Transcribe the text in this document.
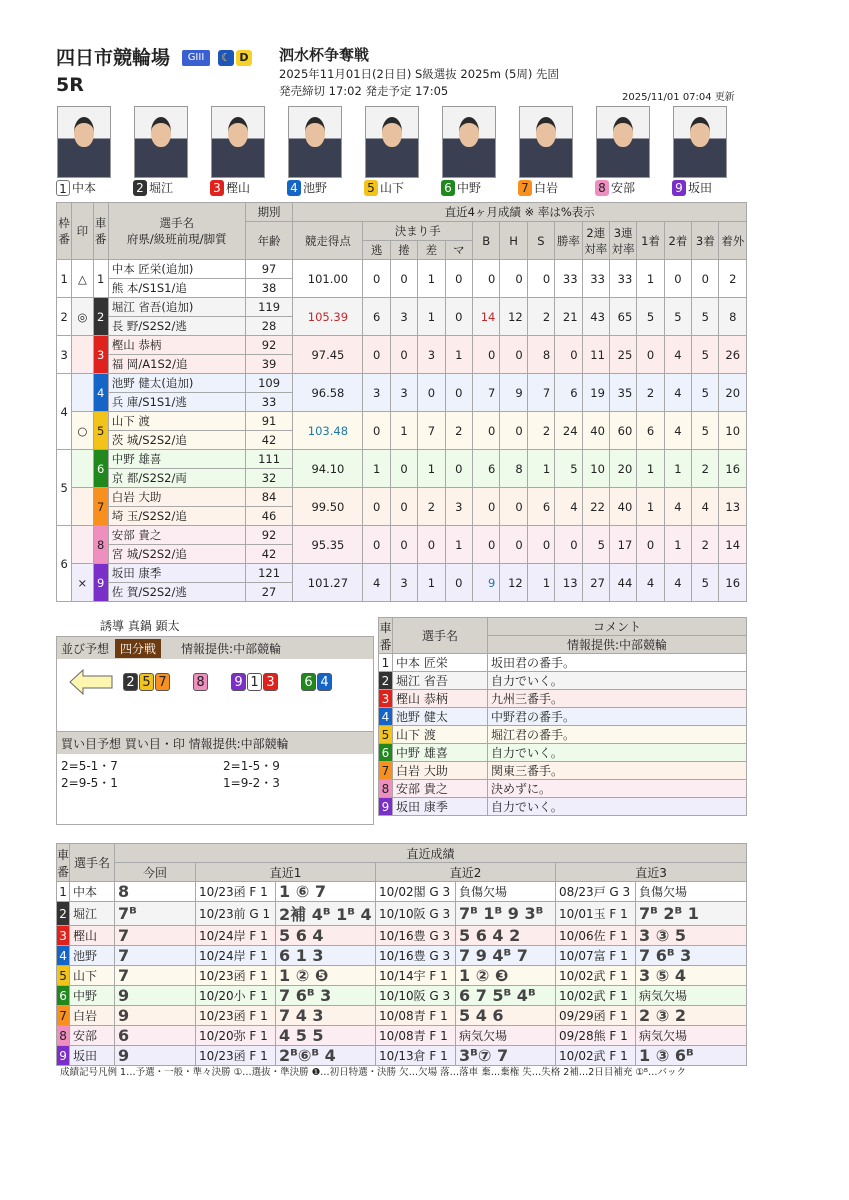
四日市競輪場	GIII	☾ D
5R
泗水杯争奪戦
2025年11月01日(2日目) S級選抜 2025m (5周) 先固
発売締切 17:02 発走予定 17:05	2025/11/01 07:04 更新
1 中本	2 堀江	3 樫山	4 池野	5 山下	6 中野	7 白岩	8 安部	9 坂田
枠番	印	車番	選手名
府県/級班前現/脚質	期別	直近4ヶ月成績 ※ 率は%表示														
				年齢	競走得点	決まり手				B	H	S	勝率	2連対率	3連対率	1着	2着	3着	着外
						逃	捲	差	マ										
1	△	1	中本 匠栄(追加)	97	101.00	0	0	1	0	0	0	0	33	33	33	1	0	0	2
			熊 本/S1S1/追	38															
2	◎	2	堀江 省吾(追加)	119	105.39	6	3	1	0	14	12	2	21	43	65	5	5	5	8
			長 野/S2S2/逃	28															
3		3	樫山 恭柄	92	97.45	0	0	3	1	0	0	8	0	11	25	0	4	5	26
			福 岡/A1S2/追	39															
4		4	池野 健太(追加)	109	96.58	3	3	0	0	7	9	7	6	19	35	2	4	5	20
			兵 庫/S1S1/逃	33															
	○	5	山下 渡	91	103.48	0	1	7	2	0	0	2	24	40	60	6	4	5	10
			茨 城/S2S2/追	42															
5		6	中野 雄喜	111	94.10	1	0	1	0	6	8	1	5	10	20	1	1	2	16
			京 都/S2S2/両	32															
		7	白岩 大助	84	99.50	0	0	2	3	0	0	6	4	22	40	1	4	4	13
			埼 玉/S2S2/追	46															
6		8	安部 貴之	92	95.35	0	0	0	1	0	0	0	0	5	17	0	1	2	14
			宮 城/S2S2/追	42															
	×	9	坂田 康季	121	101.27	4	3	1	0	9	12	1	13	27	44	4	4	5	16
			佐 賀/S2S2/逃	27															
誘導 真鍋 顕太
並び予想 四分戦	情報提供:中部競輪
2 5 7 8 9 1 3 6 4
買い目予想 買い目・印 情報提供:中部競輪
2=5-1・7	2=1-5・9
2=9-5・1	1=9-2・3
車番	選手名	コメント
		情報提供:中部競輪
1	中本 匠栄	坂田君の番手。
2	堀江 省吾	自力でいく。
3	樫山 恭柄	九州三番手。
4	池野 健太	中野君の番手。
5	山下 渡	堀江君の番手。
6	中野 雄喜	自力でいく。
7	白岩 大助	関東三番手。
8	安部 貴之	決めずに。
9	坂田 康季	自力でいく。
車番	選手名	直近成績						
		今回	直近1		直近2		直近3	
1	中本	8	10/23函 F 1	1 ⑥ 7	10/02閣 G 3	負傷欠場	08/23戸 G 3	負傷欠場
2	堀江	7ᴮ	10/23前 G 1	2補 4ᴮ 1ᴮ 4	10/10阪 G 3	7ᴮ 1ᴮ 9 3ᴮ	10/01玉 F 1	7ᴮ 2ᴮ 1
3	樫山	7	10/24岸 F 1	5 6 4	10/16豊 G 3	5 6 4 2	10/06佐 F 1	3 ③ 5
4	池野	7	10/24岸 F 1	6 1 3	10/16豊 G 3	7 9 4ᴮ 7	10/07富 F 1	7 6ᴮ 3
5	山下	7	10/23函 F 1	1 ② ❺	10/14宇 F 1	1 ② ❸	10/02武 F 1	3 ⑤ 4
6	中野	9	10/20小 F 1	7 6ᴮ 3	10/10阪 G 3	6 7 5ᴮ 4ᴮ	10/02武 F 1	病気欠場
7	白岩	9	10/23函 F 1	7 4 3	10/08青 F 1	5 4 6	09/29函 F 1	2 ③ 2
8	安部	6	10/20弥 F 1	4 5 5	10/08青 F 1	病気欠場	09/28熊 F 1	病気欠場
9	坂田	9	10/23函 F 1	2ᴮ⑥ᴮ 4	10/13倉 F 1	3ᴮ⑦ 7	10/02武 F 1	1 ③ 6ᴮ
成績記号凡例 1…予選・一般・準々決勝 ①…選抜・準決勝 ❶…初日特選・決勝 欠…欠場 落…落車 棄…棄権 失…失格 2補…2日目補充 ①ᴮ…バック
